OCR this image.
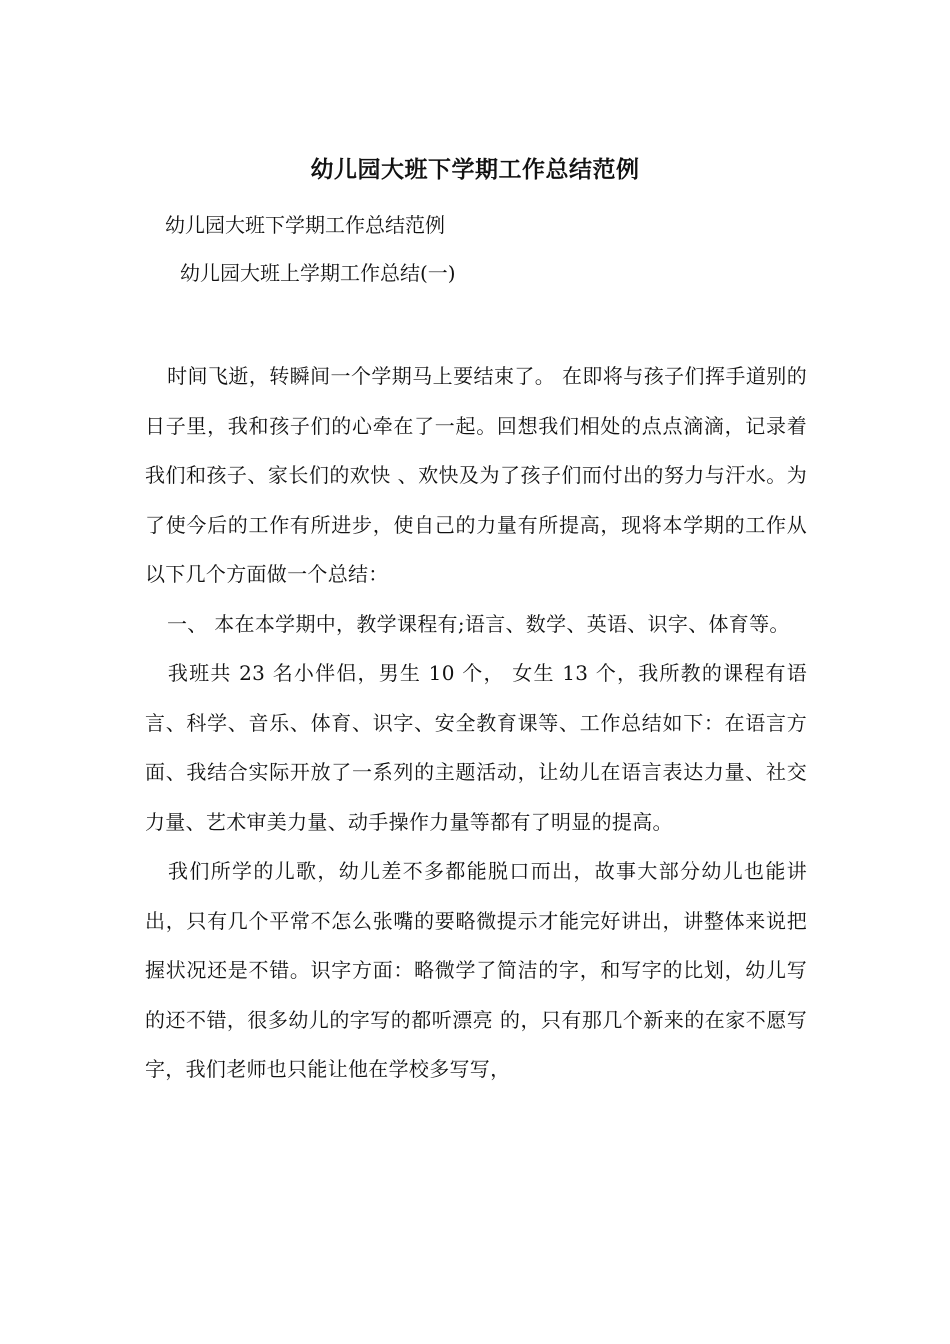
幼儿园大班下学期工作总结范例
幼儿园大班下学期工作总结范例
幼儿园大班上学期工作总结(一)

时间飞逝，转瞬间一个学期马上要结束了。 在即将与孩子们挥手道别的日子里，我和孩子们的心牵在了一起。回想我们相处的点点滴滴，记录着我们和孩子、家长们的欢快 、欢快及为了孩子们而付出的努力与汗水。为了使今后的工作有所进步，使自己的力量有所提高，现将本学期的工作从以下几个方面做一个总结：

一、 本在本学期中，教学课程有;语言、数学、英语、识字、体育等。

我班共 23 名小伴侣，男生 10 个， 女生 13 个，我所教的课程有语言、科学、音乐、体育、识字、安全教育课等、工作总结如下：在语言方面、我结合实际开放了一系列的主题活动，让幼儿在语言表达力量、社交力量、艺术审美力量、动手操作力量等都有了明显的提高。

我们所学的儿歌，幼儿差不多都能脱口而出，故事大部分幼儿也能讲出，只有几个平常不怎么张嘴的要略微提示才能完好讲出，讲整体来说把握状况还是不错。识字方面：略微学了简洁的字，和写字的比划，幼儿写的还不错，很多幼儿的字写的都听漂亮 的，只有那几个新来的在家不愿写字，我们老师也只能让他在学校多写写，
